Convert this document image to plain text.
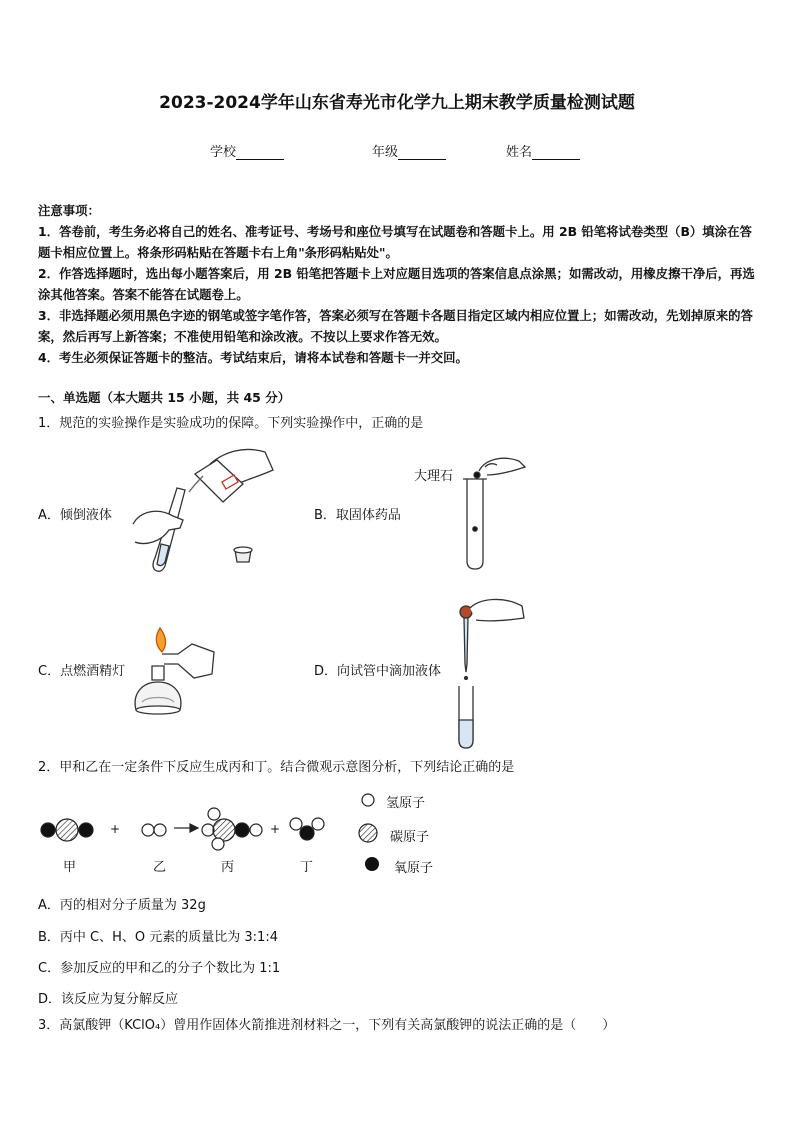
2023-2024学年山东省寿光市化学九上期末教学质量检测试题
学校	年级	姓名
注意事项：
1．答卷前，考生务必将自己的姓名、准考证号、考场号和座位号填写在试题卷和答题卡上。用 2B 铅笔将试卷类型（B）填涂在答题卡相应位置上。将条形码粘贴在答题卡右上角"条形码粘贴处"。
2．作答选择题时，选出每小题答案后，用 2B 铅笔把答题卡上对应题目选项的答案信息点涂黑；如需改动，用橡皮擦干净后，再选涂其他答案。答案不能答在试题卷上。
3．非选择题必须用黑色字迹的钢笔或签字笔作答，答案必须写在答题卡各题目指定区域内相应位置上；如需改动，先划掉原来的答案，然后再写上新答案；不准使用铅笔和涂改液。不按以上要求作答无效。
4．考生必须保证答题卡的整洁。考试结束后，请将本试卷和答题卡一并交回。
一、单选题（本大题共 15 小题，共 45 分）
1．规范的实验操作是实验成功的保障。下列实验操作中，正确的是
A．倾倒液体	B．取固体药品
大理石
C．点燃酒精灯	D．向试管中滴加液体
2．甲和乙在一定条件下反应生成丙和丁。结合微观示意图分析，下列结论正确的是
+	+
甲	乙	丙	丁
氢原子
碳原子
氧原子
A．丙的相对分子质量为 32g
B．丙中 C、H、O 元素的质量比为 3:1:4
C．参加反应的甲和乙的分子个数比为 1:1
D．该反应为复分解反应
3．高氯酸钾（KClO₄）曾用作固体火箭推进剂材料之一，下列有关高氯酸钾的说法正确的是（　　）
